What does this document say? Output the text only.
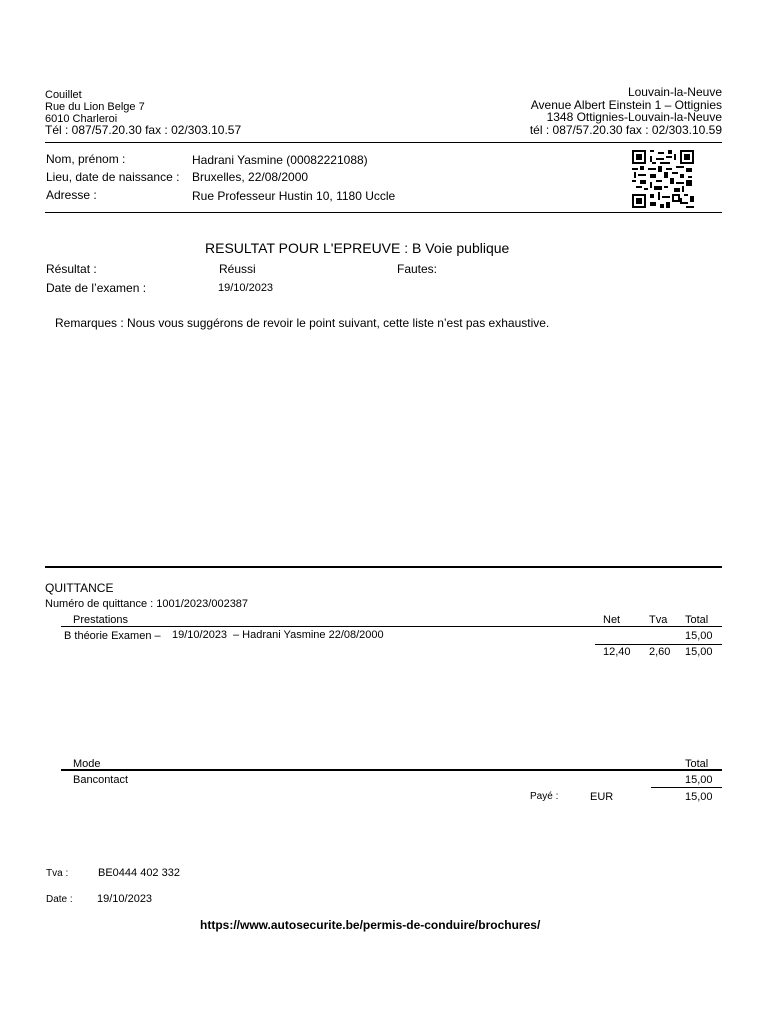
Couillet
Rue du Lion Belge 7
6010 Charleroi
Tél : 087/57.20.30 fax : 02/303.10.57
Louvain-la-Neuve
Avenue Albert Einstein 1 – Ottignies
1348 Ottignies-Louvain-la-Neuve
tél : 087/57.20.30 fax : 02/303.10.59
Nom, prénom :	Hadrani Yasmine (00082221088)
Lieu, date de naissance : Bruxelles, 22/08/2000
Adresse :	Rue Professeur Hustin 10, 1180 Uccle
RESULTAT POUR L'EPREUVE : B Voie publique
Résultat :	Réussi	Fautes:
Date de l’examen :	19/10/2023
Remarques : Nous vous suggérons de revoir le point suivant, cette liste n’est pas exhaustive.
QUITTANCE
Numéro de quittance : 1001/2023/002387
Prestations	Net	Tva Total
B théorie Examen – 19/10/2023 – Hadrani Yasmine 22/08/2000	15,00
12,40 2,60 15,00
Mode	Total
Bancontact	15,00
Payé :	EUR	15,00
Tva :	BE0444 402 332
Date : 19/10/2023
https://www.autosecurite.be/permis-de-conduire/brochures/
